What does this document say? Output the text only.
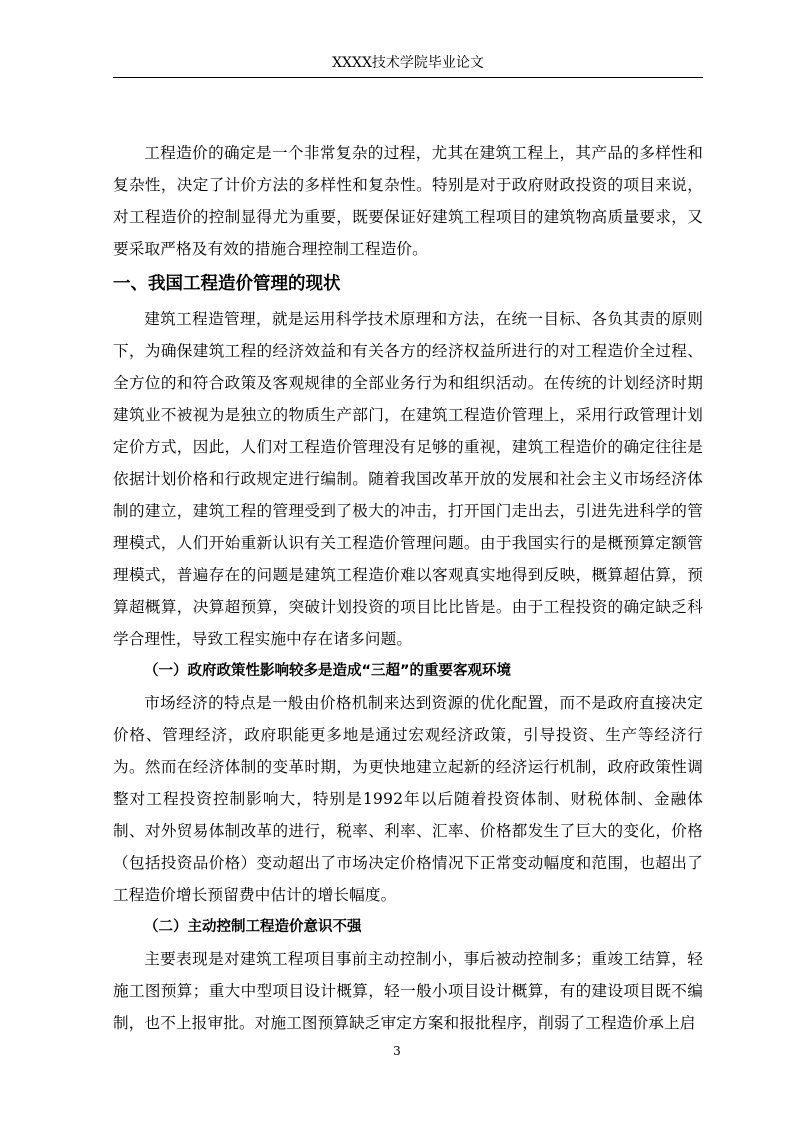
XXXX技术学院毕业论文

工程造价的确定是一个非常复杂的过程，尤其在建筑工程上，其产品的多样性和复杂性，决定了计价方法的多样性和复杂性。特别是对于政府财政投资的项目来说，对工程造价的控制显得尤为重要，既要保证好建筑工程项目的建筑物高质量要求，又要采取严格及有效的措施合理控制工程造价。

一、我国工程造价管理的现状

建筑工程造管理，就是运用科学技术原理和方法，在统一目标、各负其责的原则下，为确保建筑工程的经济效益和有关各方的经济权益所进行的对工程造价全过程、全方位的和符合政策及客观规律的全部业务行为和组织活动。在传统的计划经济时期建筑业不被视为是独立的物质生产部门，在建筑工程造价管理上，采用行政管理计划定价方式，因此，人们对工程造价管理没有足够的重视，建筑工程造价的确定往往是依据计划价格和行政规定进行编制。随着我国改革开放的发展和社会主义市场经济体制的建立，建筑工程的管理受到了极大的冲击，打开国门走出去，引进先进科学的管理模式，人们开始重新认识有关工程造价管理问题。由于我国实行的是概预算定额管理模式，普遍存在的问题是建筑工程造价难以客观真实地得到反映，概算超估算，预算超概算，决算超预算，突破计划投资的项目比比皆是。由于工程投资的确定缺乏科学合理性，导致工程实施中存在诸多问题。

（一）政府政策性影响较多是造成“三超”的重要客观环境

市场经济的特点是一般由价格机制来达到资源的优化配置，而不是政府直接决定价格、管理经济，政府职能更多地是通过宏观经济政策，引导投资、生产等经济行为。然而在经济体制的变革时期，为更快地建立起新的经济运行机制，政府政策性调整对工程投资控制影响大，特别是1992年以后随着投资体制、财税体制、金融体制、对外贸易体制改革的进行，税率、利率、汇率、价格都发生了巨大的变化，价格（包括投资品价格）变动超出了市场决定价格情况下正常变动幅度和范围，也超出了工程造价增长预留费中估计的增长幅度。

（二）主动控制工程造价意识不强

主要表现是对建筑工程项目事前主动控制小，事后被动控制多；重竣工结算，轻施工图预算；重大中型项目设计概算，轻一般小项目设计概算，有的建设项目既不编制，也不上报审批。对施工图预算缺乏审定方案和报批程序，削弱了工程造价承上启

3
